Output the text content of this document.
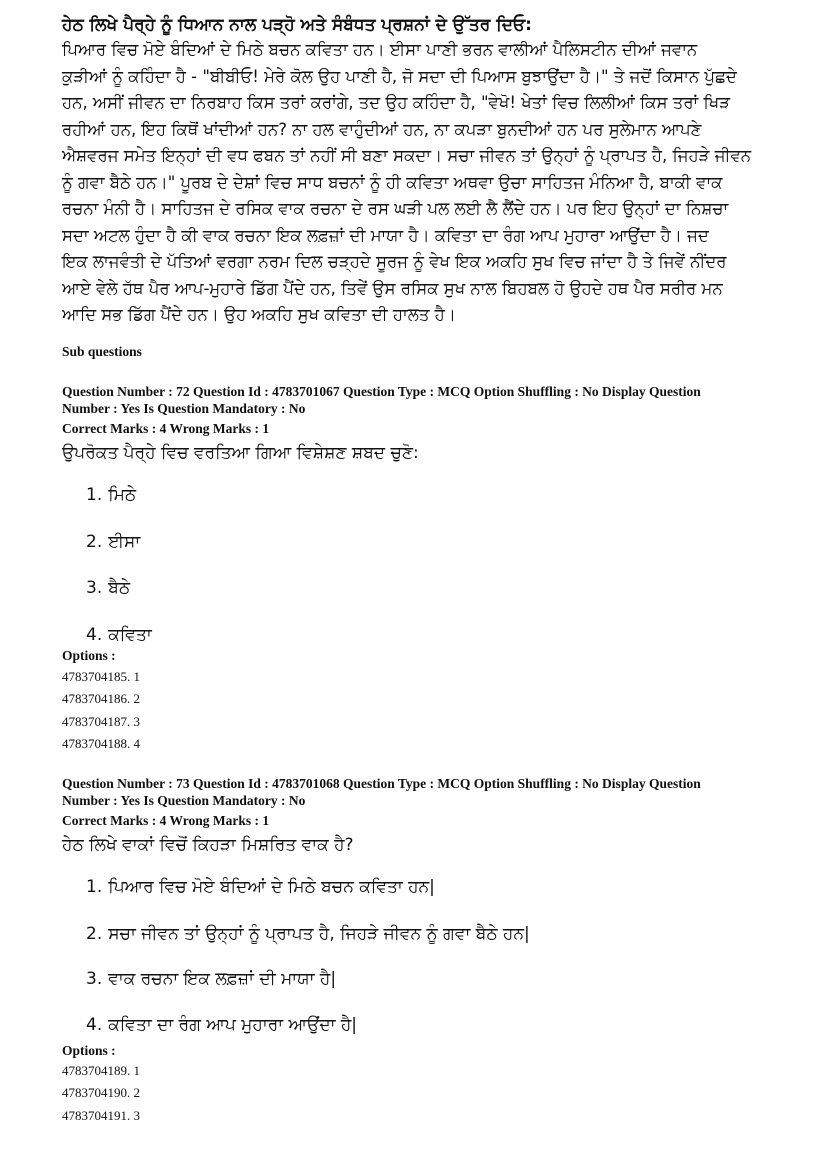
ਹੇਠ ਲਿਖੇ ਪੈਰ੍ਹੇ ਨੂੰ ਧਿਆਨ ਨਾਲ ਪੜ੍ਹੋ ਅਤੇ ਸੰਬੰਧਤ ਪ੍ਰਸ਼ਨਾਂ ਦੇ ਉੱਤਰ ਦਿਓ:
ਪਿਆਰ ਵਿਚ ਮੋਏ ਬੰਦਿਆਂ ਦੇ ਮਿਠੇ ਬਚਨ ਕਵਿਤਾ ਹਨ। ਈਸਾ ਪਾਣੀ ਭਰਨ ਵਾਲੀਆਂ ਪੈਲਿਸਟੀਨ ਦੀਆਂ ਜਵਾਨ
ਕੁੜੀਆਂ ਨੂੰ ਕਹਿੰਦਾ ਹੈ - "ਬੀਬੀਓ! ਮੇਰੇ ਕੋਲ ਉਹ ਪਾਣੀ ਹੈ, ਜੋ ਸਦਾ ਦੀ ਪਿਆਸ ਬੁਝਾਉਂਦਾ ਹੈ।" ਤੇ ਜਦੋਂ ਕਿਸਾਨ ਪੁੱਛਦੇ
ਹਨ, ਅਸੀਂ ਜੀਵਨ ਦਾ ਨਿਰਬਾਹ ਕਿਸ ਤਰਾਂ ਕਰਾਂਗੇ, ਤਦ ਉਹ ਕਹਿੰਦਾ ਹੈ, "ਵੇਖੋ! ਖੇਤਾਂ ਵਿਚ ਲਿਲੀਆਂ ਕਿਸ ਤਰਾਂ ਖਿੜ
ਰਹੀਆਂ ਹਨ, ਇਹ ਕਿਥੋਂ ਖਾਂਦੀਆਂ ਹਨ? ਨਾ ਹਲ ਵਾਹੁੰਦੀਆਂ ਹਨ, ਨਾ ਕਪੜਾ ਬੁਨਦੀਆਂ ਹਨ ਪਰ ਸੁਲੇਮਾਨ ਆਪਣੇ
ਐਸ਼ਵਰਜ ਸਮੇਤ ਇਨ੍ਹਾਂ ਦੀ ਵਧ ਫਬਨ ਤਾਂ ਨਹੀਂ ਸੀ ਬਣਾ ਸਕਦਾ। ਸਚਾ ਜੀਵਨ ਤਾਂ ਉਨ੍ਹਾਂ ਨੂੰ ਪ੍ਰਾਪਤ ਹੈ, ਜਿਹੜੇ ਜੀਵਨ
ਨੂੰ ਗਵਾ ਬੈਠੇ ਹਨ।" ਪੂਰਬ ਦੇ ਦੇਸ਼ਾਂ ਵਿਚ ਸਾਧ ਬਚਨਾਂ ਨੂੰ ਹੀ ਕਵਿਤਾ ਅਥਵਾ ਉਚਾ ਸਾਹਿਤਜ ਮੰਨਿਆ ਹੈ, ਬਾਕੀ ਵਾਕ
ਰਚਨਾ ਮੰਨੀ ਹੈ। ਸਾਹਿਤਜ ਦੇ ਰਸਿਕ ਵਾਕ ਰਚਨਾ ਦੇ ਰਸ ਘੜੀ ਪਲ ਲਈ ਲੈ ਲੈਂਦੇ ਹਨ। ਪਰ ਇਹ ਉਨ੍ਹਾਂ ਦਾ ਨਿਸ਼ਚਾ
ਸਦਾ ਅਟਲ ਹੁੰਦਾ ਹੈ ਕੀ ਵਾਕ ਰਚਨਾ ਇਕ ਲਫ਼ਜ਼ਾਂ ਦੀ ਮਾਯਾ ਹੈ। ਕਵਿਤਾ ਦਾ ਰੰਗ ਆਪ ਮੁਹਾਰਾ ਆਉਂਦਾ ਹੈ। ਜਦ
ਇਕ ਲਾਜਵੰਤੀ ਦੇ ਪੱਤਿਆਂ ਵਰਗਾ ਨਰਮ ਦਿਲ ਚੜ੍ਹਦੇ ਸੂਰਜ ਨੂੰ ਵੇਖ ਇਕ ਅਕਹਿ ਸੁਖ ਵਿਚ ਜਾਂਦਾ ਹੈ ਤੇ ਜਿਵੇਂ ਨੀਂਦਰ
ਆਏ ਵੇਲੇ ਹੱਥ ਪੈਰ ਆਪ-ਮੁਹਾਰੇ ਡਿੱਗ ਪੈਂਦੇ ਹਨ, ਤਿਵੇਂ ਉਸ ਰਸਿਕ ਸੁਖ ਨਾਲ ਬਿਹਬਲ ਹੋ ਉਹਦੇ ਹਥ ਪੈਰ ਸਰੀਰ ਮਨ
ਆਦਿ ਸਭ ਡਿੱਗ ਪੈਂਦੇ ਹਨ। ਉਹ ਅਕਹਿ ਸੁਖ ਕਵਿਤਾ ਦੀ ਹਾਲਤ ਹੈ।
Sub questions
Question Number : 72 Question Id : 4783701067 Question Type : MCQ Option Shuffling : No Display Question
Number : Yes Is Question Mandatory : No
Correct Marks : 4 Wrong Marks : 1
ਉਪਰੋਕਤ ਪੈਰ੍ਹੇ ਵਿਚ ਵਰਤਿਆ ਗਿਆ ਵਿਸ਼ੇਸ਼ਣ ਸ਼ਬਦ ਚੁਣੋ:
1. ਮਿਠੇ
2. ਈਸਾ
3. ਬੈਠੇ
4. ਕਵਿਤਾ
Options :
4783704185. 1
4783704186. 2
4783704187. 3
4783704188. 4
Question Number : 73 Question Id : 4783701068 Question Type : MCQ Option Shuffling : No Display Question
Number : Yes Is Question Mandatory : No
Correct Marks : 4 Wrong Marks : 1
ਹੇਠ ਲਿਖੇ ਵਾਕਾਂ ਵਿਚੋਂ ਕਿਹੜਾ ਮਿਸ਼ਰਿਤ ਵਾਕ ਹੈ?
1. ਪਿਆਰ ਵਿਚ ਮੋਏ ਬੰਦਿਆਂ ਦੇ ਮਿਠੇ ਬਚਨ ਕਵਿਤਾ ਹਨ|
2. ਸਚਾ ਜੀਵਨ ਤਾਂ ਉਨ੍ਹਾਂ ਨੂੰ ਪ੍ਰਾਪਤ ਹੈ, ਜਿਹੜੇ ਜੀਵਨ ਨੂੰ ਗਵਾ ਬੈਠੇ ਹਨ|
3. ਵਾਕ ਰਚਨਾ ਇਕ ਲਫ਼ਜ਼ਾਂ ਦੀ ਮਾਯਾ ਹੈ|
4. ਕਵਿਤਾ ਦਾ ਰੰਗ ਆਪ ਮੁਹਾਰਾ ਆਉਂਦਾ ਹੈ|
Options :
4783704189. 1
4783704190. 2
4783704191. 3
